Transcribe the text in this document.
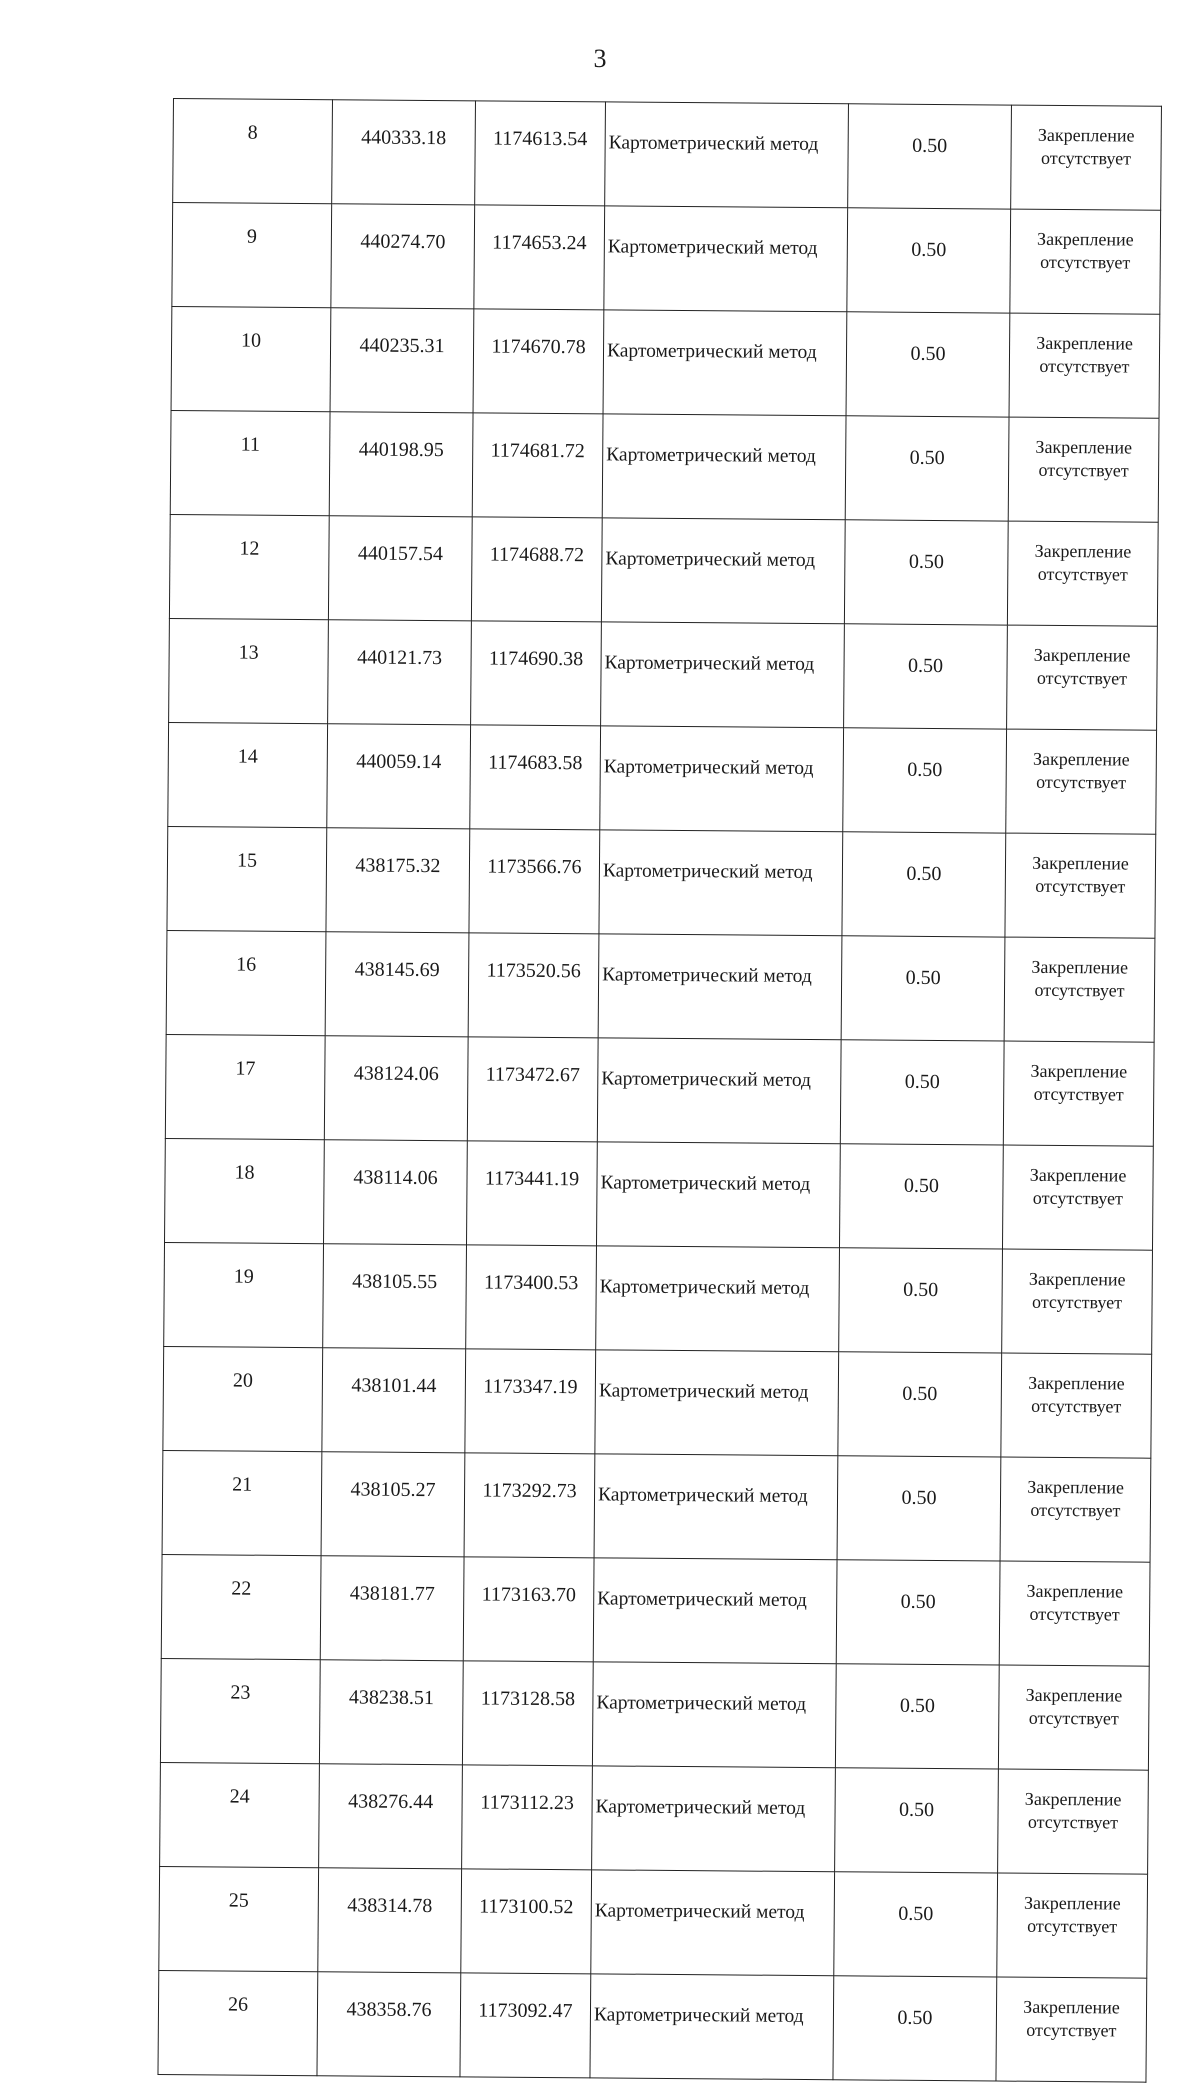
3
8	440333.18	1174613.54	Картометрический метод	0.50	Закрепление
отсутствует

9	440274.70	1174653.24	Картометрический метод	0.50	Закрепление
отсутствует

10	440235.31	1174670.78	Картометрический метод	0.50	Закрепление
отсутствует

11	440198.95	1174681.72	Картометрический метод	0.50	Закрепление
отсутствует

12	440157.54	1174688.72	Картометрический метод	0.50	Закрепление
отсутствует

13	440121.73	1174690.38	Картометрический метод	0.50	Закрепление
отсутствует

14	440059.14	1174683.58	Картометрический метод	0.50	Закрепление
отсутствует

15	438175.32	1173566.76	Картометрический метод	0.50	Закрепление
отсутствует

16	438145.69	1173520.56	Картометрический метод	0.50	Закрепление
отсутствует

17	438124.06	1173472.67	Картометрический метод	0.50	Закрепление
отсутствует

18	438114.06	1173441.19	Картометрический метод	0.50	Закрепление
отсутствует

19	438105.55	1173400.53	Картометрический метод	0.50	Закрепление
отсутствует

20	438101.44	1173347.19	Картометрический метод	0.50	Закрепление
отсутствует

21	438105.27	1173292.73	Картометрический метод	0.50	Закрепление
отсутствует

22	438181.77	1173163.70	Картометрический метод	0.50	Закрепление
отсутствует

23	438238.51	1173128.58	Картометрический метод	0.50	Закрепление
отсутствует

24	438276.44	1173112.23	Картометрический метод	0.50	Закрепление
отсутствует

25	438314.78	1173100.52	Картометрический метод	0.50	Закрепление
отсутствует

26	438358.76	1173092.47	Картометрический метод	0.50	Закрепление
отсутствует
